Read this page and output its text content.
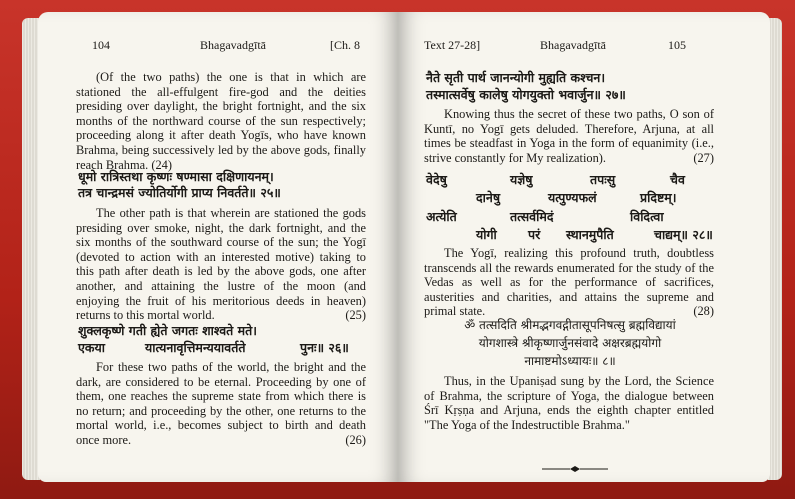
104	Bhagavadgītā	[Ch. 8
(Of the two paths) the one is that in which are stationed the all-effulgent fire-god and the deities presiding over daylight, the bright fortnight, and the six months of the northward course of the sun respectively; proceeding along it after death Yogīs, who have known Brahma, being successively led by the above gods, finally reach Brahma. (24)
धूमो रात्रिस्तथा कृष्णः षण्मासा दक्षिणायनम्।
तत्र चान्द्रमसं ज्योतिर्योगी प्राप्य निवर्तते॥ २५॥
The other path is that wherein are stationed the gods presiding over smoke, night, the dark fortnight, and the six months of the southward course of the sun; the Yogī (devoted to action with an interested motive) taking to this path after death is led by the above gods, one after another, and attaining the lustre of the moon (and enjoying the fruit of his meritorious deeds in heaven) returns to this mortal world.	(25)
शुक्लकृष्णे गती ह्येते जगतः शाश्वते मते।
एकया	यात्यनावृत्तिमन्ययावर्तते	पुनः॥ २६॥
For these two paths of the world, the bright and the dark, are considered to be eternal. Proceeding by one of them, one reaches the supreme state from which there is no return; and proceeding by the other, one returns to the mortal world, i.e., becomes subject to birth and death once more.	(26)
Text 27-28]	Bhagavadgītā	105
नैते सृती पार्थ जानन्योगी मुह्यति कश्चन।
तस्मात्सर्वेषु कालेषु योगयुक्तो भवार्जुन॥ २७॥
Knowing thus the secret of these two paths, O son of Kuntī, no Yogī gets deluded. Therefore, Arjuna, at all times be steadfast in Yoga in the form of equanimity (i.e., strive constantly for My realization).	(27)
वेदेषु	यज्ञेषु	तपःसु	चैव
दानेषु	यत्पुण्यफलं	प्रदिष्टम्।
अत्येति	तत्सर्वमिदं	विदित्वा
योगी परं स्थानमुपैति	चाद्यम्॥ २८॥
The Yogī, realizing this profound truth, doubtless transcends all the rewards enumerated for the study of the Vedas as well as for the performance of sacrifices, austerities and charities, and attains the supreme and primal state.	(28)
ॐ तत्सदिति श्रीमद्भगवद्गीतासूपनिषत्सु ब्रह्मविद्यायां
योगशास्त्रे श्रीकृष्णार्जुनसंवादे अक्षरब्रह्मयोगो
नामाष्टमोऽध्यायः॥ ८॥
Thus, in the Upaniṣad sung by the Lord, the Science of Brahma, the scripture of Yoga, the dialogue between Śrī Kṛṣṇa and Arjuna, ends the eighth chapter entitled "The Yoga of the Indestructible Brahma."
